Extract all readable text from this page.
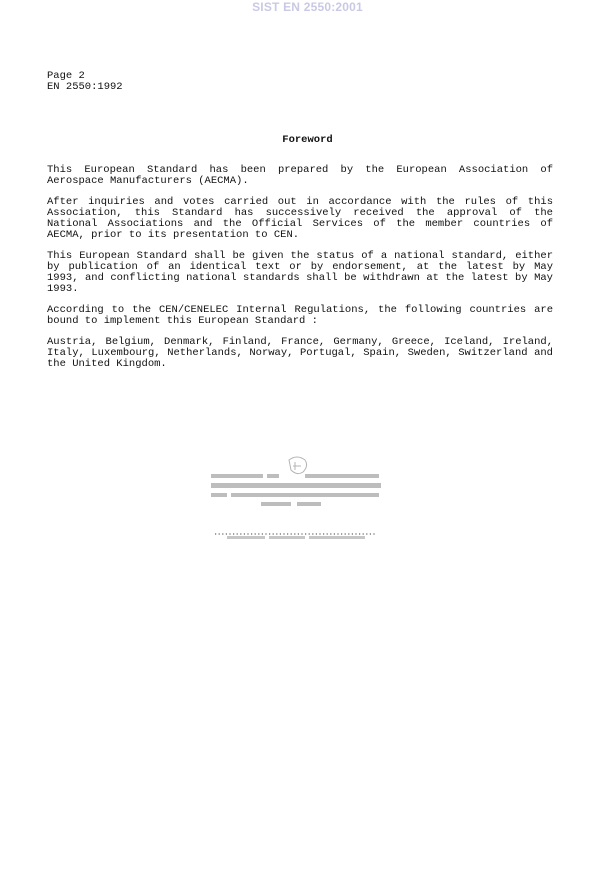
SIST EN 2550:2001
Page 2
EN 2550:1992
Foreword

This European Standard has been prepared by the European Association of Aerospace Manufacturers (AECMA).

After inquiries and votes carried out in accordance with the rules of this Association, this Standard has successively received the approval of the National Associations and the Official Services of the member countries of AECMA, prior to its presentation to CEN.

This European Standard shall be given the status of a national standard, either by publication of an identical text or by endorsement, at the latest by May 1993, and conflicting national standards shall be withdrawn at the latest by May 1993.

According to the CEN/CENELEC Internal Regulations, the following countries are bound to implement this European Standard :

Austria, Belgium, Denmark, Finland, France, Germany, Greece, Iceland, Ireland, Italy, Luxembourg, Netherlands, Norway, Portugal, Spain, Sweden, Switzerland and the United Kingdom.
